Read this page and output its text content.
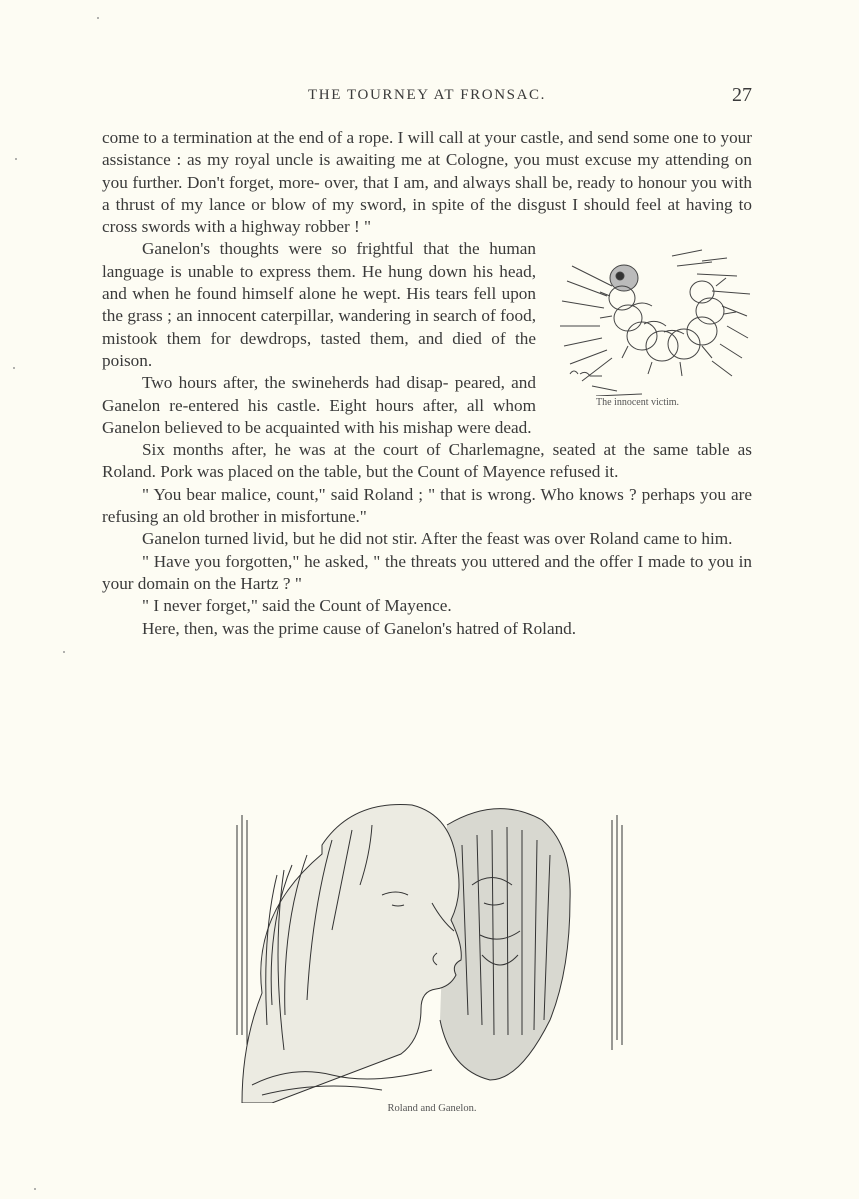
THE TOURNEY AT FRONSAC.	27

come to a termination at the end of a rope. I will call at your castle, and send some one to your assistance : as my royal uncle is awaiting me at Cologne, you must excuse my attending on you further. Don't forget, more- over, that I am, and always shall be, ready to honour you with a thrust of my lance or blow of my sword, in spite of the disgust I should feel at having to cross swords with a highway robber ! "

The innocent victim.

Ganelon's thoughts were so frightful that the human language is unable to express them. He hung down his head, and when he found himself alone he wept. His tears fell upon the grass ; an innocent caterpillar, wandering in search of food, mistook them for dewdrops, tasted them, and died of the poison.

Two hours after, the swineherds had disap- peared, and Ganelon re-entered his castle. Eight hours after, all whom Ganelon believed to be acquainted with his mishap were dead.

Six months after, he was at the court of Charlemagne, seated at the same table as Roland. Pork was placed on the table, but the Count of Mayence refused it.

" You bear malice, count," said Roland ; " that is wrong. Who knows ? perhaps you are refusing an old brother in misfortune."

Ganelon turned livid, but he did not stir. After the feast was over Roland came to him.

" Have you forgotten," he asked, " the threats you uttered and the offer I made to you in your domain on the Hartz ? "

" I never forget," said the Count of Mayence.

Here, then, was the prime cause of Ganelon's hatred of Roland.

Roland and Ganelon.
